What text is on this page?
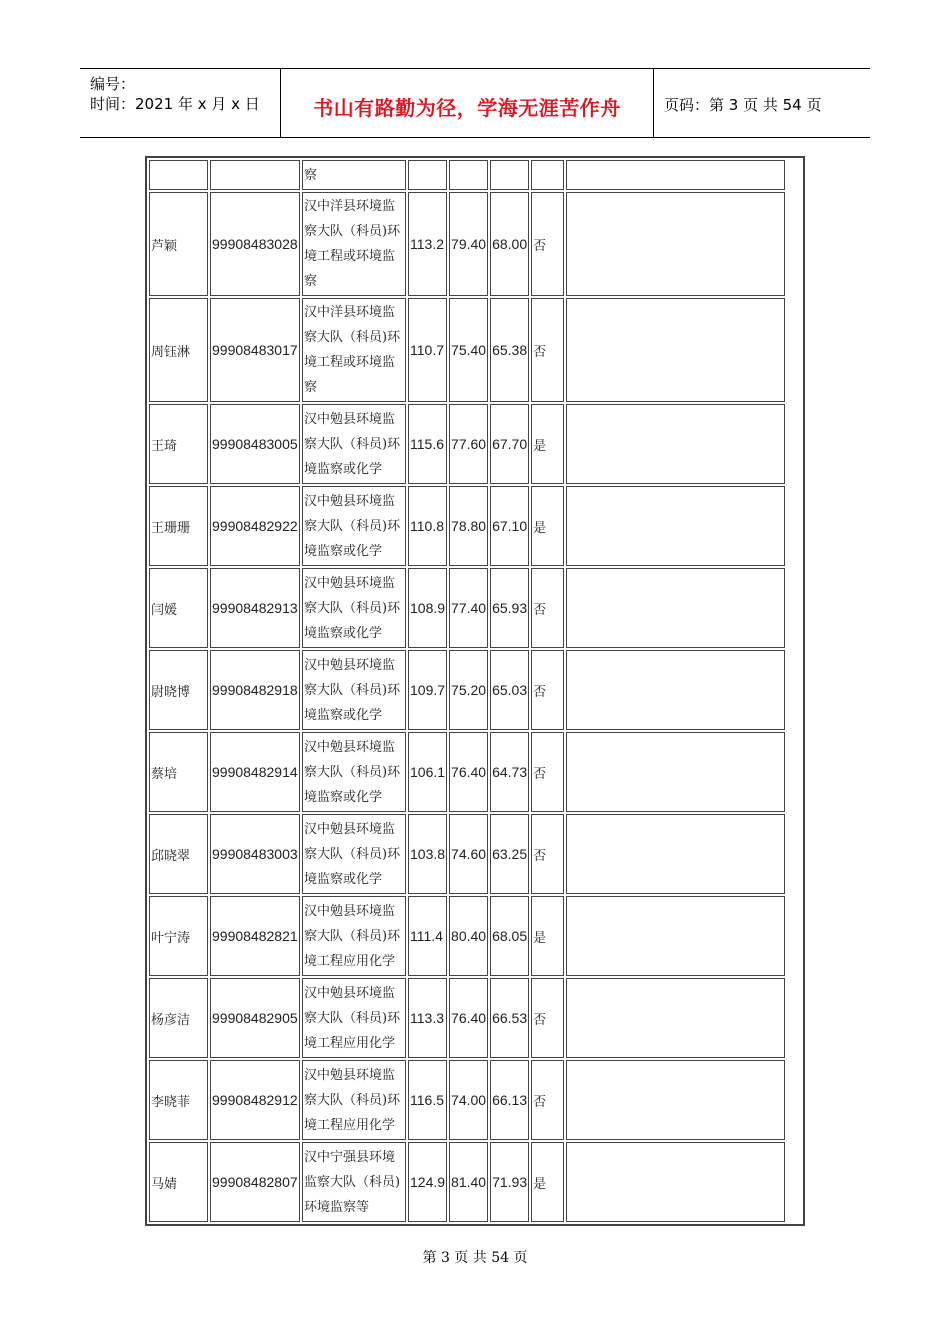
编号：
时间：2021 年 x 月 x 日	书山有路勤为径，学海无涯苦作舟	页码：第 3 页 共 54 页
		察					
芦颖	99908483028	汉中洋县环境监察大队（科员)环境工程或环境监察	113.2	79.40	68.00	否	
周钰淋	99908483017	汉中洋县环境监察大队（科员)环境工程或环境监察	110.7	75.40	65.38	否	
王琦	99908483005	汉中勉县环境监察大队（科员)环境监察或化学	115.6	77.60	67.70	是	
王珊珊	99908482922	汉中勉县环境监察大队（科员)环境监察或化学	110.8	78.80	67.10	是	
闫媛	99908482913	汉中勉县环境监察大队（科员)环境监察或化学	108.9	77.40	65.93	否	
尉晓博	99908482918	汉中勉县环境监察大队（科员)环境监察或化学	109.7	75.20	65.03	否	
蔡培	99908482914	汉中勉县环境监察大队（科员)环境监察或化学	106.1	76.40	64.73	否	
邱晓翠	99908483003	汉中勉县环境监察大队（科员)环境监察或化学	103.8	74.60	63.25	否	
叶宁涛	99908482821	汉中勉县环境监察大队（科员)环境工程应用化学	111.4	80.40	68.05	是	
杨彦洁	99908482905	汉中勉县环境监察大队（科员)环境工程应用化学	113.3	76.40	66.53	否	
李晓菲	99908482912	汉中勉县环境监察大队（科员)环境工程应用化学	116.5	74.00	66.13	否	
马婧	99908482807	汉中宁强县环境监察大队（科员)环境监察等	124.9	81.40	71.93	是	
第 3 页 共 54 页
